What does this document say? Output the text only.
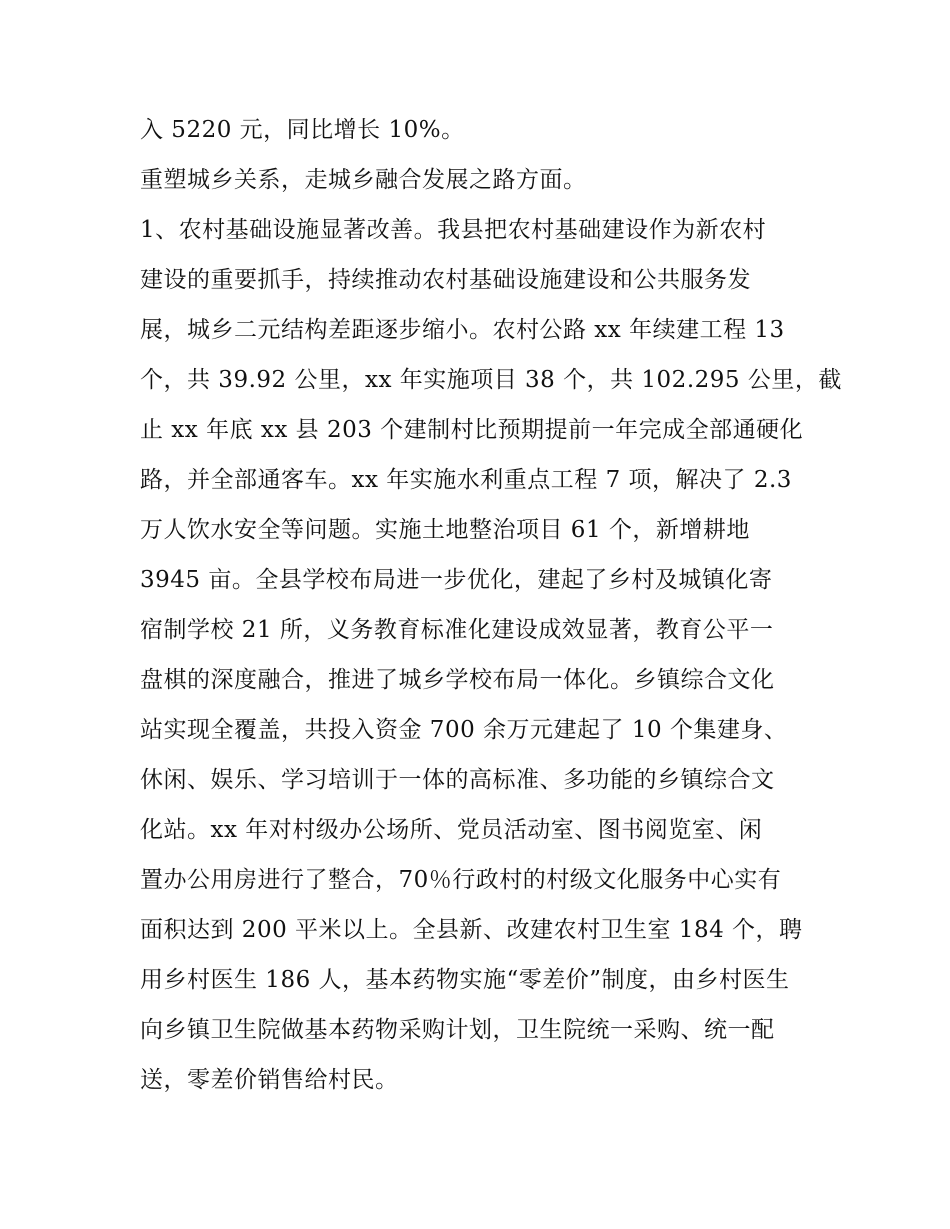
入 5220 元，同比增长 10%。
重塑城乡关系，走城乡融合发展之路方面。
1、农村基础设施显著改善。我县把农村基础建设作为新农村
建设的重要抓手，持续推动农村基础设施建设和公共服务发
展，城乡二元结构差距逐步缩小。农村公路 xx 年续建工程 13
个，共 39.92 公里，xx 年实施项目 38 个，共 102.295 公里，截
止 xx 年底 xx 县 203 个建制村比预期提前一年完成全部通硬化
路，并全部通客车。xx 年实施水利重点工程 7 项，解决了 2.3
万人饮水安全等问题。实施土地整治项目 61 个，新增耕地
3945 亩。全县学校布局进一步优化，建起了乡村及城镇化寄
宿制学校 21 所，义务教育标准化建设成效显著，教育公平一
盘棋的深度融合，推进了城乡学校布局一体化。乡镇综合文化
站实现全覆盖，共投入资金 700 余万元建起了 10 个集建身、
休闲、娱乐、学习培训于一体的高标准、多功能的乡镇综合文
化站。xx 年对村级办公场所、党员活动室、图书阅览室、闲
置办公用房进行了整合，70％行政村的村级文化服务中心实有
面积达到 200 平米以上。全县新、改建农村卫生室 184 个，聘
用乡村医生 186 人，基本药物实施“零差价”制度，由乡村医生
向乡镇卫生院做基本药物采购计划，卫生院统一采购、统一配
送，零差价销售给村民。
